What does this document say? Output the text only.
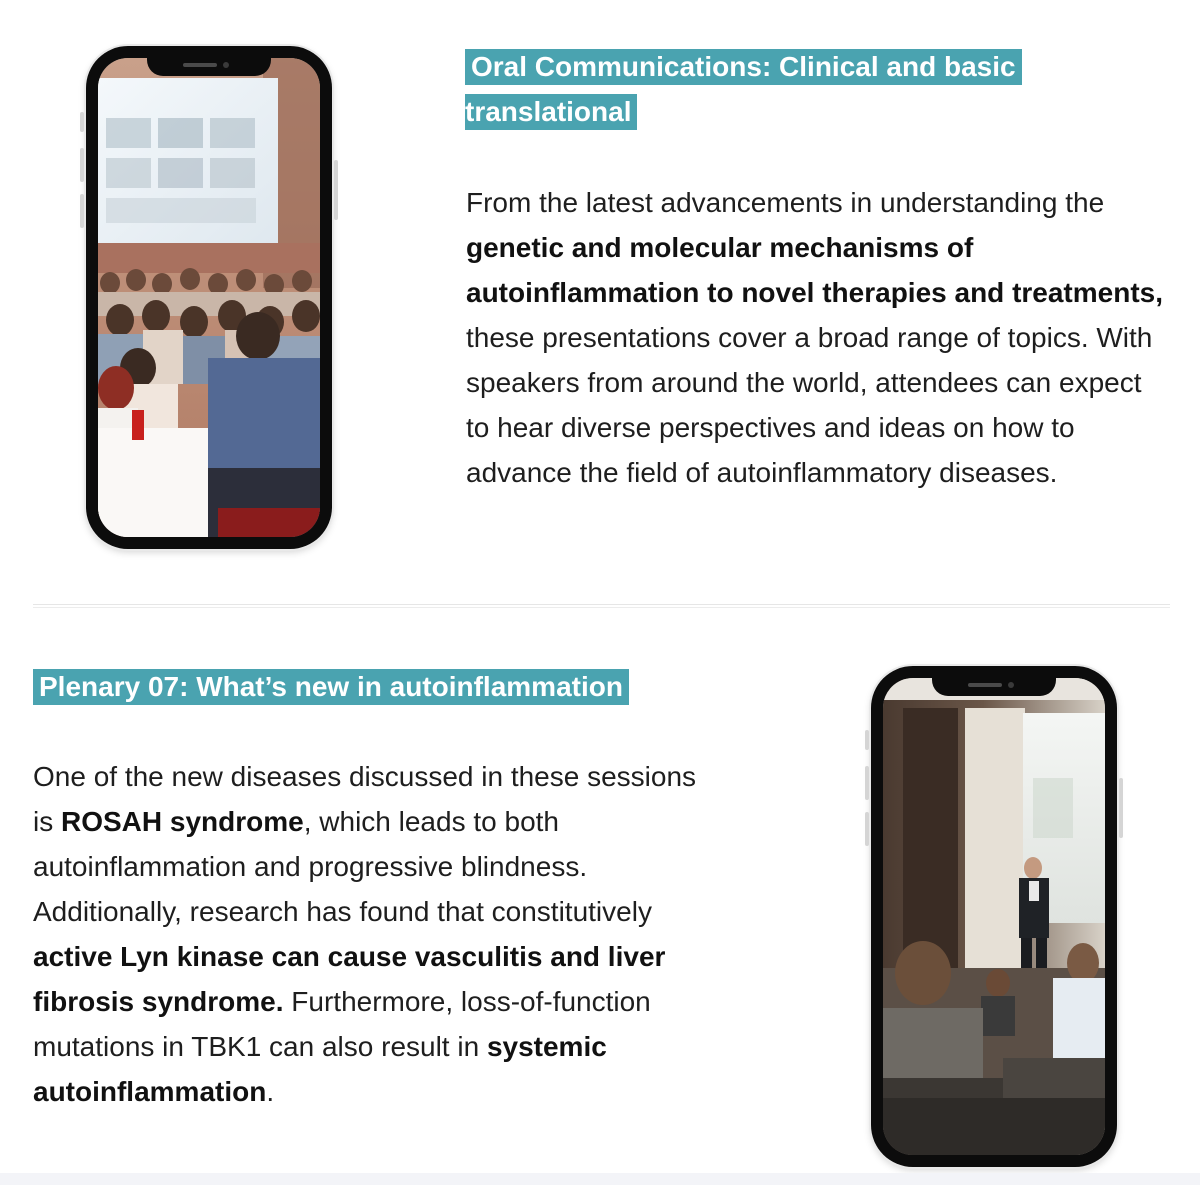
Oral Communications: Clinical and basic
translational

From the latest advancements in understanding the genetic and molecular mechanisms of autoinflammation to novel therapies and treatments, these presentations cover a broad range of topics. With speakers from around the world, attendees can expect to hear diverse perspectives and ideas on how to advance the field of autoinflammatory diseases.

Plenary 07: What’s new in autoinflammation

One of the new diseases discussed in these sessions is ROSAH syndrome, which leads to both autoinflammation and progressive blindness. Additionally, research has found that constitutively active Lyn kinase can cause vasculitis and liver fibrosis syndrome. Furthermore, loss-of-function mutations in TBK1 can also result in systemic autoinflammation.
